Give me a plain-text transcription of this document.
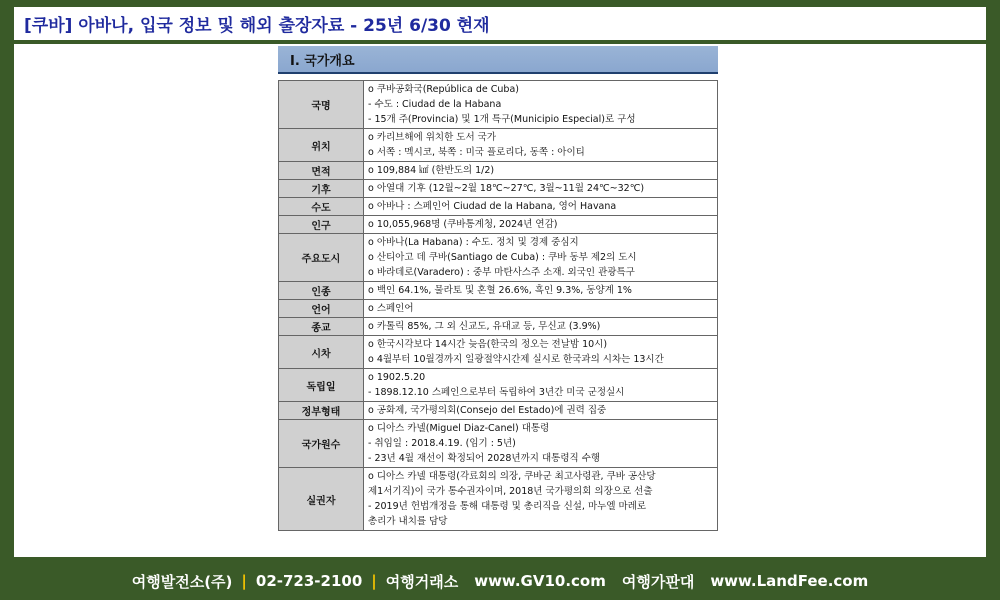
[쿠바] 아바나, 입국 정보 및 해외 출장자료 - 25년 6/30 현재
Ⅰ. 국가개요
국명	ο 쿠바공화국(República de Cuba)
- 수도 : Ciudad de la Habana
- 15개 주(Provincia) 및 1개 특구(Municipio Especial)로 구성

위치	ο 카리브해에 위치한 도서 국가
ο 서쪽 : 멕시코, 북쪽 : 미국 플로리다, 동쪽 : 아이티

면적	ο 109,884 ㎢ (한반도의 1/2)

기후	ο 아열대 기후 (12월~2월 18℃~27℃, 3월~11월 24℃~32℃)

수도	ο 아바나 : 스페인어 Ciudad de la Habana, 영어 Havana

인구	ο 10,055,968명 (쿠바통계청, 2024년 연감)

주요도시	ο 아바나(La Habana) : 수도. 정치 및 경제 중심지
ο 산티아고 데 쿠바(Santiago de Cuba) : 쿠바 동부 제2의 도시
ο 바라데로(Varadero) : 중부 마탄사스주 소재. 외국인 관광특구

인종	ο 백인 64.1%, 물라토 및 혼혈 26.6%, 흑인 9.3%, 동양계 1%

언어	ο 스페인어

종교	ο 카톨릭 85%, 그 외 신교도, 유대교 등, 무신교 (3.9%)

시차	ο 한국시각보다 14시간 늦음(한국의 정오는 전날밤 10시)
ο 4월부터 10월경까지 일광절약시간제 실시로 한국과의 시차는 13시간

독립일	ο 1902.5.20
- 1898.12.10 스페인으로부터 독립하여 3년간 미국 군정실시

정부형태	ο 공화제, 국가평의회(Consejo del Estado)에 권력 집중

국가원수	ο 디아스 카넬(Miguel Diaz-Canel) 대통령
- 취임일 : 2018.4.19. (임기 : 5년)
- 23년 4월 재선이 확정되어 2028년까지 대통령직 수행

실권자	ο 디아스 카넬 대통령(각료회의 의장, 쿠바군 최고사령관, 쿠바 공산당
제1서기직)이 국가 통수권자이며, 2018년 국가평의회 의장으로 선출
- 2019년 헌법개정을 통해 대통령 및 총리직을 신설, 마누엘 마레로
총리가 내치를 담당
여행발전소(주) | 02-723-2100 | 여행거래소 www.GV10.com 여행가판대 www.LandFee.com
